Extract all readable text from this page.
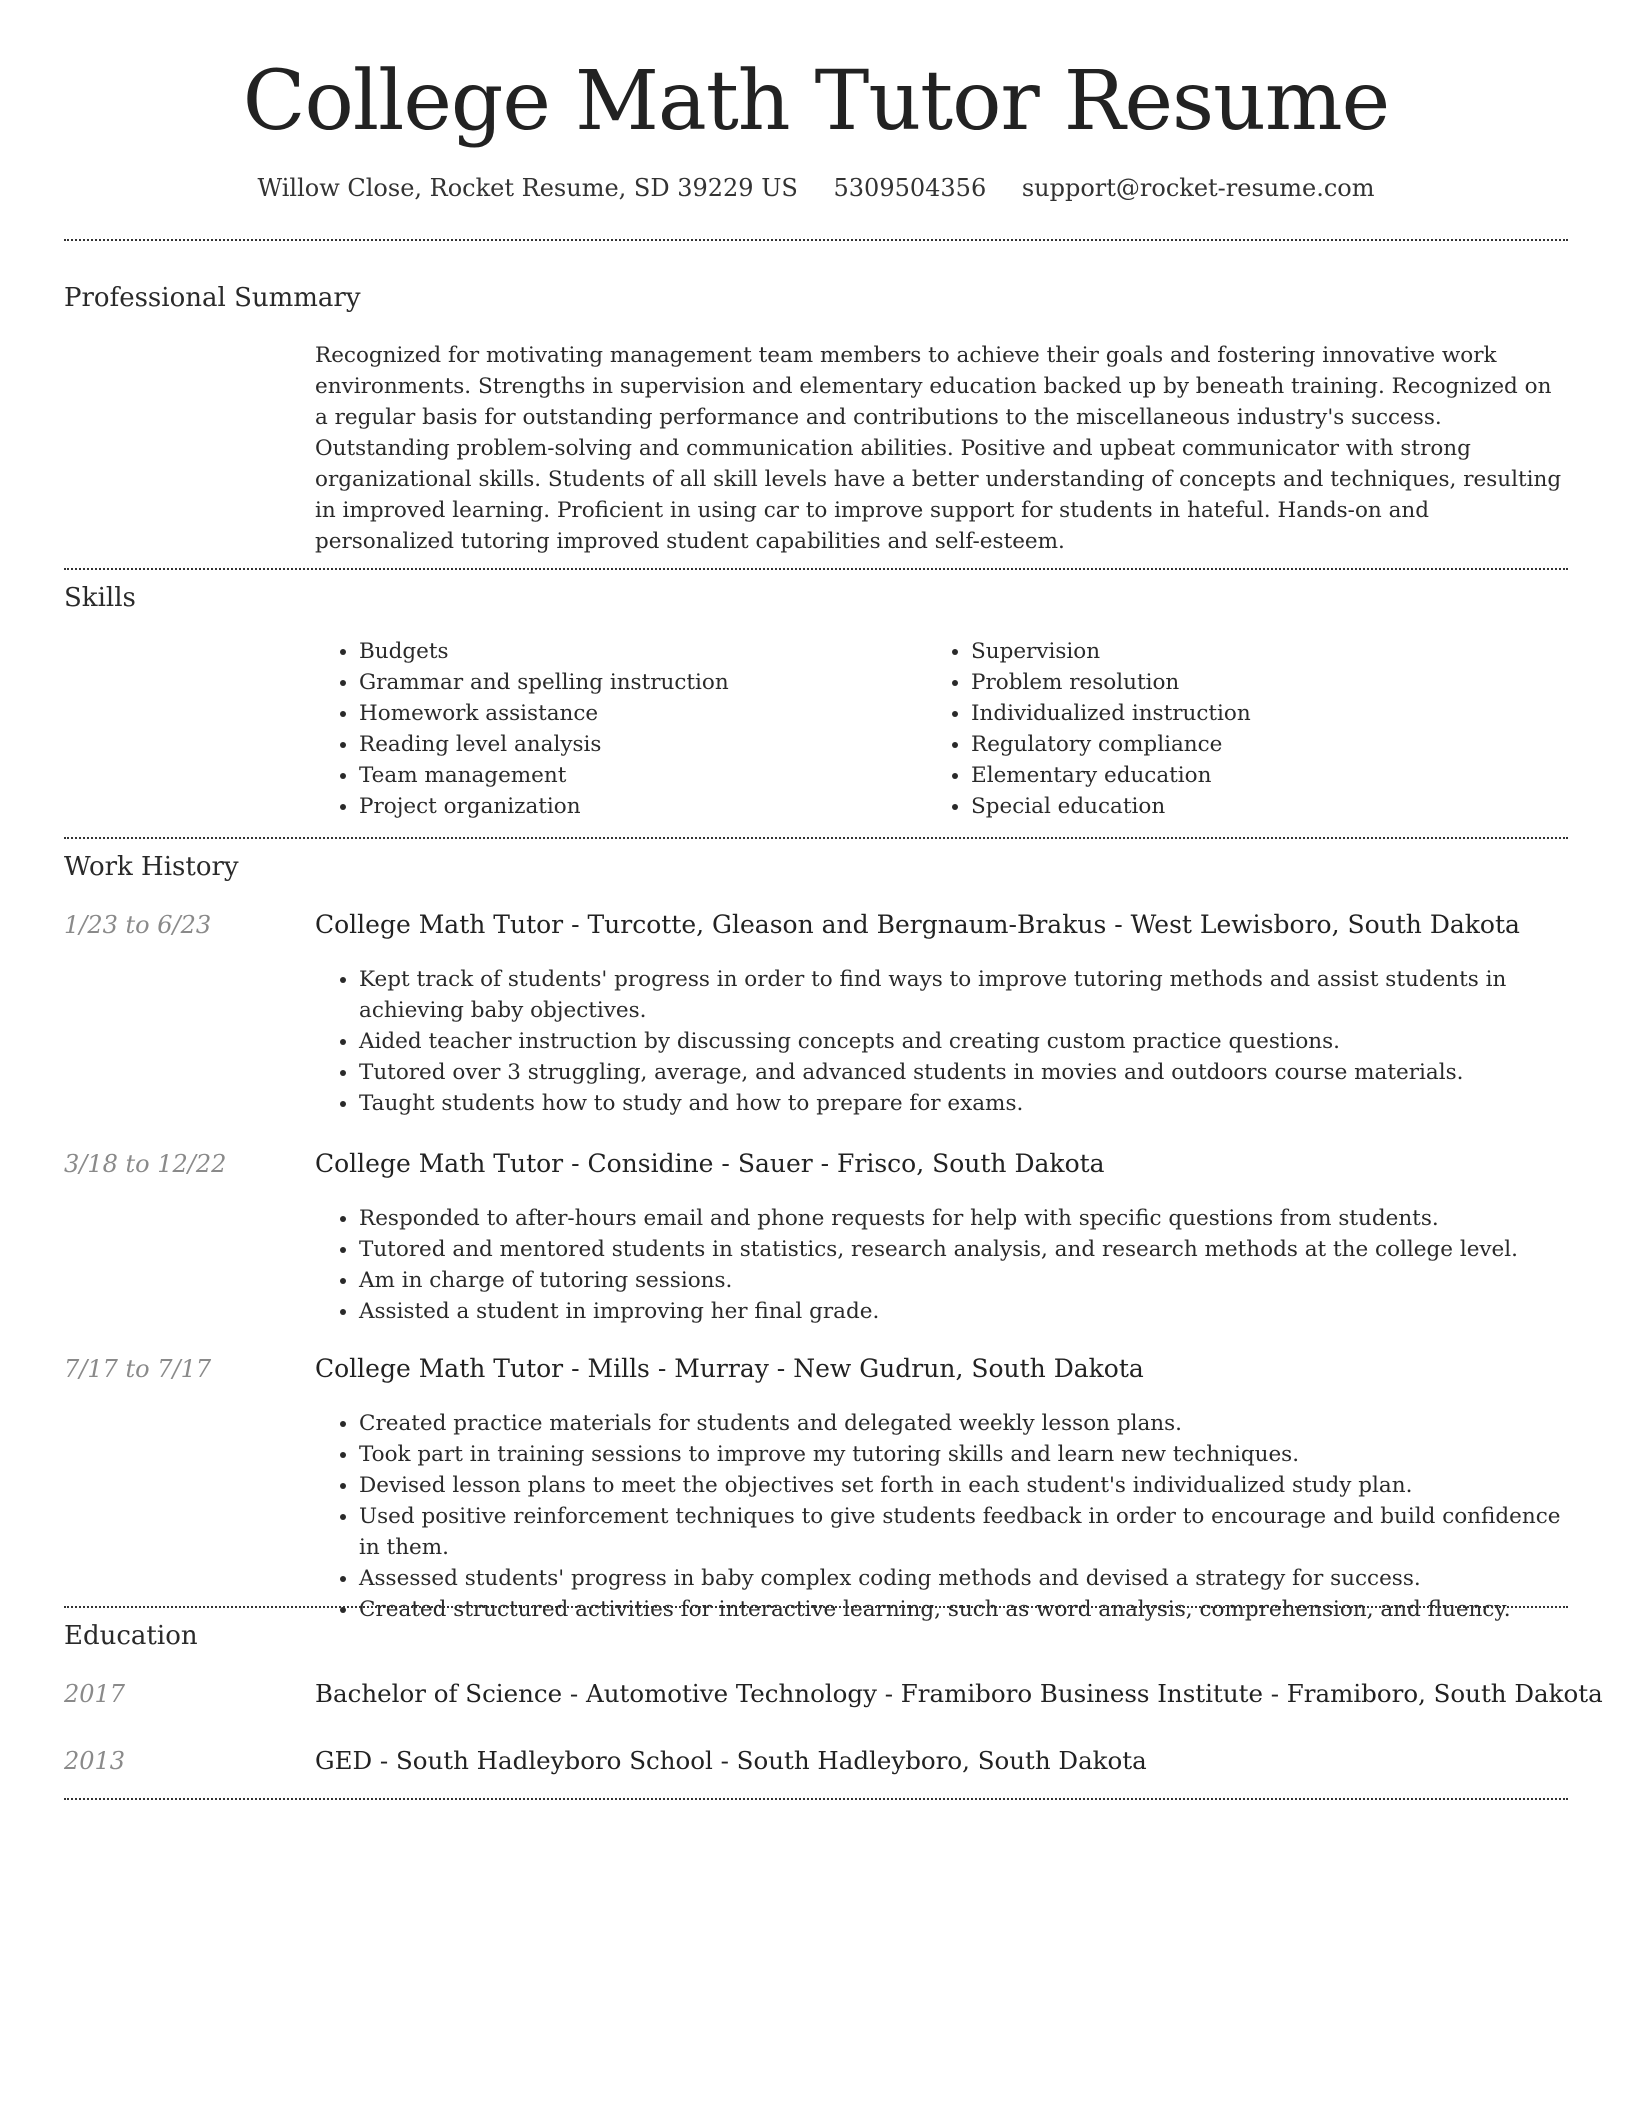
College Math Tutor Resume
Willow Close, Rocket Resume, SD 39229 US 5309504356 support@rocket-resume.com
Professional Summary
Recognized for motivating management team members to achieve their goals and fostering innovative work environments. Strengths in supervision and elementary education backed up by beneath training. Recognized on a regular basis for outstanding performance and contributions to the miscellaneous industry's success. Outstanding problem-solving and communication abilities. Positive and upbeat communicator with strong organizational skills. Students of all skill levels have a better understanding of concepts and techniques, resulting in improved learning. Proficient in using car to improve support for students in hateful. Hands-on and personalized tutoring improved student capabilities and self-esteem.
Skills
• Budgets
• Grammar and spelling instruction
• Homework assistance
• Reading level analysis
• Team management
• Project organization
• Supervision
• Problem resolution
• Individualized instruction
• Regulatory compliance
• Elementary education
• Special education
Work History
1/23 to 6/23	College Math Tutor - Turcotte, Gleason and Bergnaum-Brakus - West Lewisboro, South Dakota
• Kept track of students' progress in order to find ways to improve tutoring methods and assist students in achieving baby objectives.
• Aided teacher instruction by discussing concepts and creating custom practice questions.
• Tutored over 3 struggling, average, and advanced students in movies and outdoors course materials.
• Taught students how to study and how to prepare for exams.
3/18 to 12/22	College Math Tutor - Considine - Sauer - Frisco, South Dakota
• Responded to after-hours email and phone requests for help with specific questions from students.
• Tutored and mentored students in statistics, research analysis, and research methods at the college level.
• Am in charge of tutoring sessions.
• Assisted a student in improving her final grade.
7/17 to 7/17	College Math Tutor - Mills - Murray - New Gudrun, South Dakota
• Created practice materials for students and delegated weekly lesson plans.
• Took part in training sessions to improve my tutoring skills and learn new techniques.
• Devised lesson plans to meet the objectives set forth in each student's individualized study plan.
• Used positive reinforcement techniques to give students feedback in order to encourage and build confidence in them.
• Assessed students' progress in baby complex coding methods and devised a strategy for success.
• Created structured activities for interactive learning, such as word analysis, comprehension, and fluency.
Education
2017	Bachelor of Science - Automotive Technology - Framiboro Business Institute - Framiboro, South Dakota
2013	GED - South Hadleyboro School - South Hadleyboro, South Dakota
